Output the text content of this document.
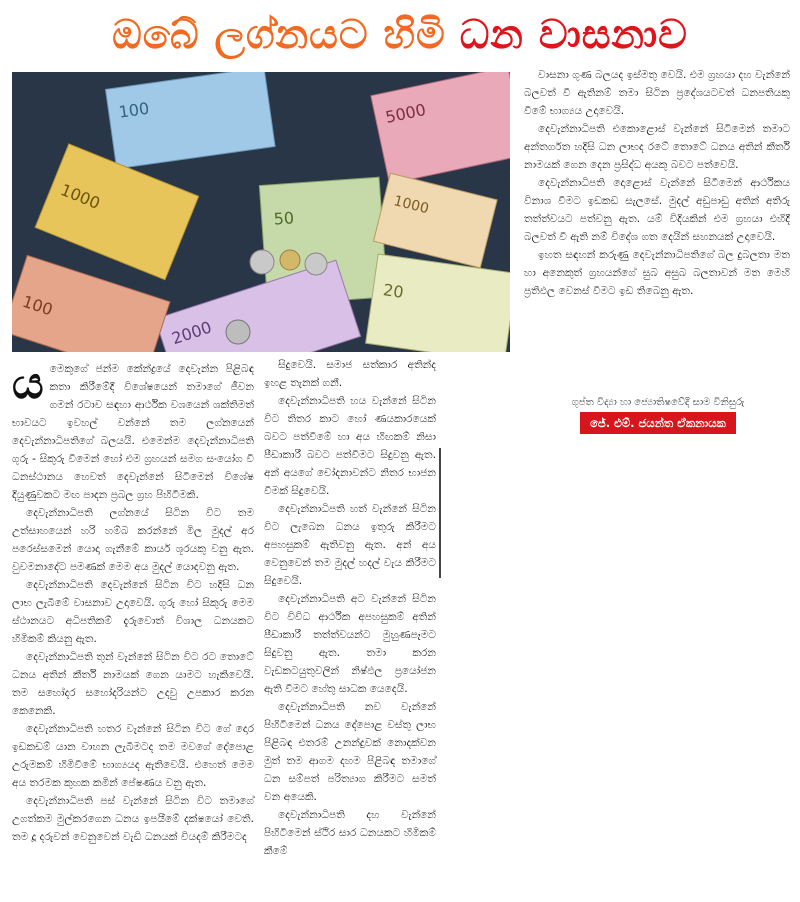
ඔබේ ලග්නයට හිමි ධන වාසනාව
100
1000
50
2000
100
5000
20
1000
ය මෙකුගේ ජන්ම කේන්ද්‍රයේ දෙවැන්න පිළිබඳ කතා කිරීමේදී විශේෂයෙන් තමාගේ ජීවන ගමන් රටාව සඳහා ආර්ථික වශයෙන් ශක්තිමත් භාවයට ඉවහල් වන්නේ තම ලග්නයෙන් දෙවැන්නාධිපතිගේ බලයයි. එමෙන්ම දෙවැන්නාධිපති ගුරු - සිකුරු වීමෙන් හෝ එම ග්‍රහයන් සමග සංයෝග වී ධනස්ථානය හෙවත් දෙවැන්නේ සිටීමෙන් විශේෂ දියුණුවකට මඟ පාදන ප්‍රබල ග්‍රහ පිහිටීමකි.

දෙවැන්නාධිපති ලග්නයේ සිටින විට තම උත්සාහයෙන් හරි හම්බ කරන්නේ මිල මුදල් අර පරෙස්සමෙන් යොදා ගැනීමේ කාර්ය ශූරයකු වනු ඇත. වුවමනාදේට පමණක් මෙම අය මුදල් යොදවනු ඇත.

දෙවැන්නාධිපති දෙවැන්නේ සිටින විට හදිසි ධන ලාභ ලැබීමේ වාසනාව උදාවෙයි. ගුරු හෝ සිකුරු මෙම ස්ථානයට අධිපතිකම් දැරුවොත් විශාල ධනයකට හිමිකම් කියනු ඇත.

දෙවැන්නාධිපති තුන් වැන්නේ සිටින විට රට තොටේ ධනය අතින් කීර්ති නාමයක් ගෙන යාමට හැකිවෙයි. තම සහෝදර සහෝදරියන්ට උදවු උපකාර කරන කෙනෙකි.

දෙවැන්නාධිපති හතර වැන්නේ සිටින විට ගේ දොර ඉඩකඩම් යාන වාහන ලැබීමටද තම මවගේ දේපොළ උරුමකම් හිමිවීමේ භාග්‍යයද ඇතිවෙයි. එහෙත් මෙම අය තරමක කුහක කමින් පේෂණය වනු ඇත.

දෙවැන්නාධිපති පස් වැන්නේ සිටින විට තමාගේ උගත්කම මුල්කරගෙන ධනය ඉපයීමේ දක්ෂයෝ වෙති. තම දූ දරුවන් වෙනුවෙන් වැඩි ධනයක් වියදම් කිරීමටද

සිදුවෙයි. සමාජ සත්කාර අතින්ද ඉහළ තැනක් ගනී.

දෙවැන්නාධිපති හය වැන්නේ සිටින විට තිතර කාට හෝ ණයකාරයෙක් බවට පත්වීමේ හා අය හිඟකම් නිසා පීඩාකාරී බවට පත්වීමට සිදුවනු ඇත. අන් අයගේ චෝදනාවන්ට නිතර භාජන වීමක් සිදුවෙයි.

දෙවැන්නාධිපති හත් වැන්නේ සිටින විට ලැබෙන ධනය ඉතුරු කිරීමට අපහසුකම් ඇතිවනු ඇත. අන් අය වෙනුවෙන් තම මුදල් හදල් වැය කිරීමට සිදුවෙයි.

දෙවැන්නාධිපති අට වැන්නේ සිටින විට විවිධ ආර්ථික අපහසුකම් අතින් පීඩාකාරී තත්ත්වයන්ට මුහුණපෑමට සිදුවනු ඇත. තමා කරන වැඩකටයුතුවලින් නිෂ්ඵල ප්‍රයෝජන ඇති වීමට හේතු සාධක යෙදෙයි.

දෙවැන්නාධිපති නව වැන්නේ පිහිටීමෙන් ධනය දේපොළ වස්තු ලාභ පිළිබඳ එතරම් උනන්දුවක් නොදක්වන මුත් තම ආගම දහම පිළිබඳ තමාගේ ධන සම්පත් පරිත්‍යාග කිරීමට සමත් වන අයෙකි.

දෙවැන්නාධිපති දහ වැන්නේ පිහිටීමෙන් ස්ථිර සාර ධනයකට හිමිකම් කීමේ

වාසනා ගුණ බලයද ඉස්මතු වෙයි. එම ග්‍රහයා දහ වැන්නේ බලවත් වී ඇතිනම් තමා සිටින ප්‍රදේශයටවත් ධනපතියකු වීමේ භාග්‍යය උදාවෙයි.

දෙවැන්නාධිපති එකොළොස් වැන්නේ සිටීමෙන් තමාට අන්තර්ගත හදිසි ධන ලාභද රටේ තොටේ ධනය අතින් කීර්ති නාමයක් ගෙන දෙන ප්‍රසිද්ධ අයකු බවට පත්වෙයි.

දෙවැන්නාධිපති දොළොස් වැන්නේ සිටීමෙන් ආර්ථිකය විනාශ වීමට ඉඩකඩ සැලසේ. මුදල් අඩුපාඩු අතින් අතිරු තත්ත්වයට පත්වනු ඇත. යම් විදියකින් එම ග්‍රහයා එහිදී බලවත් වී ඇති නම් විදේශ ගත දෙයින් සහනයක් උදාවෙයි.

ඉහත සඳහන් කරුණු දෙවැන්නාධිපතිගේ බල දුබලතා මත හා අනෙකුත් ග්‍රහයන්ගේ සුබ අසුබ බලතාවන් මත මෙහි ප්‍රතිඵල වෙනස් වීමට ඉඩ තිබෙනු ඇත.

ගුප්ත විද්‍යා හා ජ්‍යොතිෂවේදී සාම විනිසුරු
ජේ. එම්. ජයන්ත ඒකනායක
